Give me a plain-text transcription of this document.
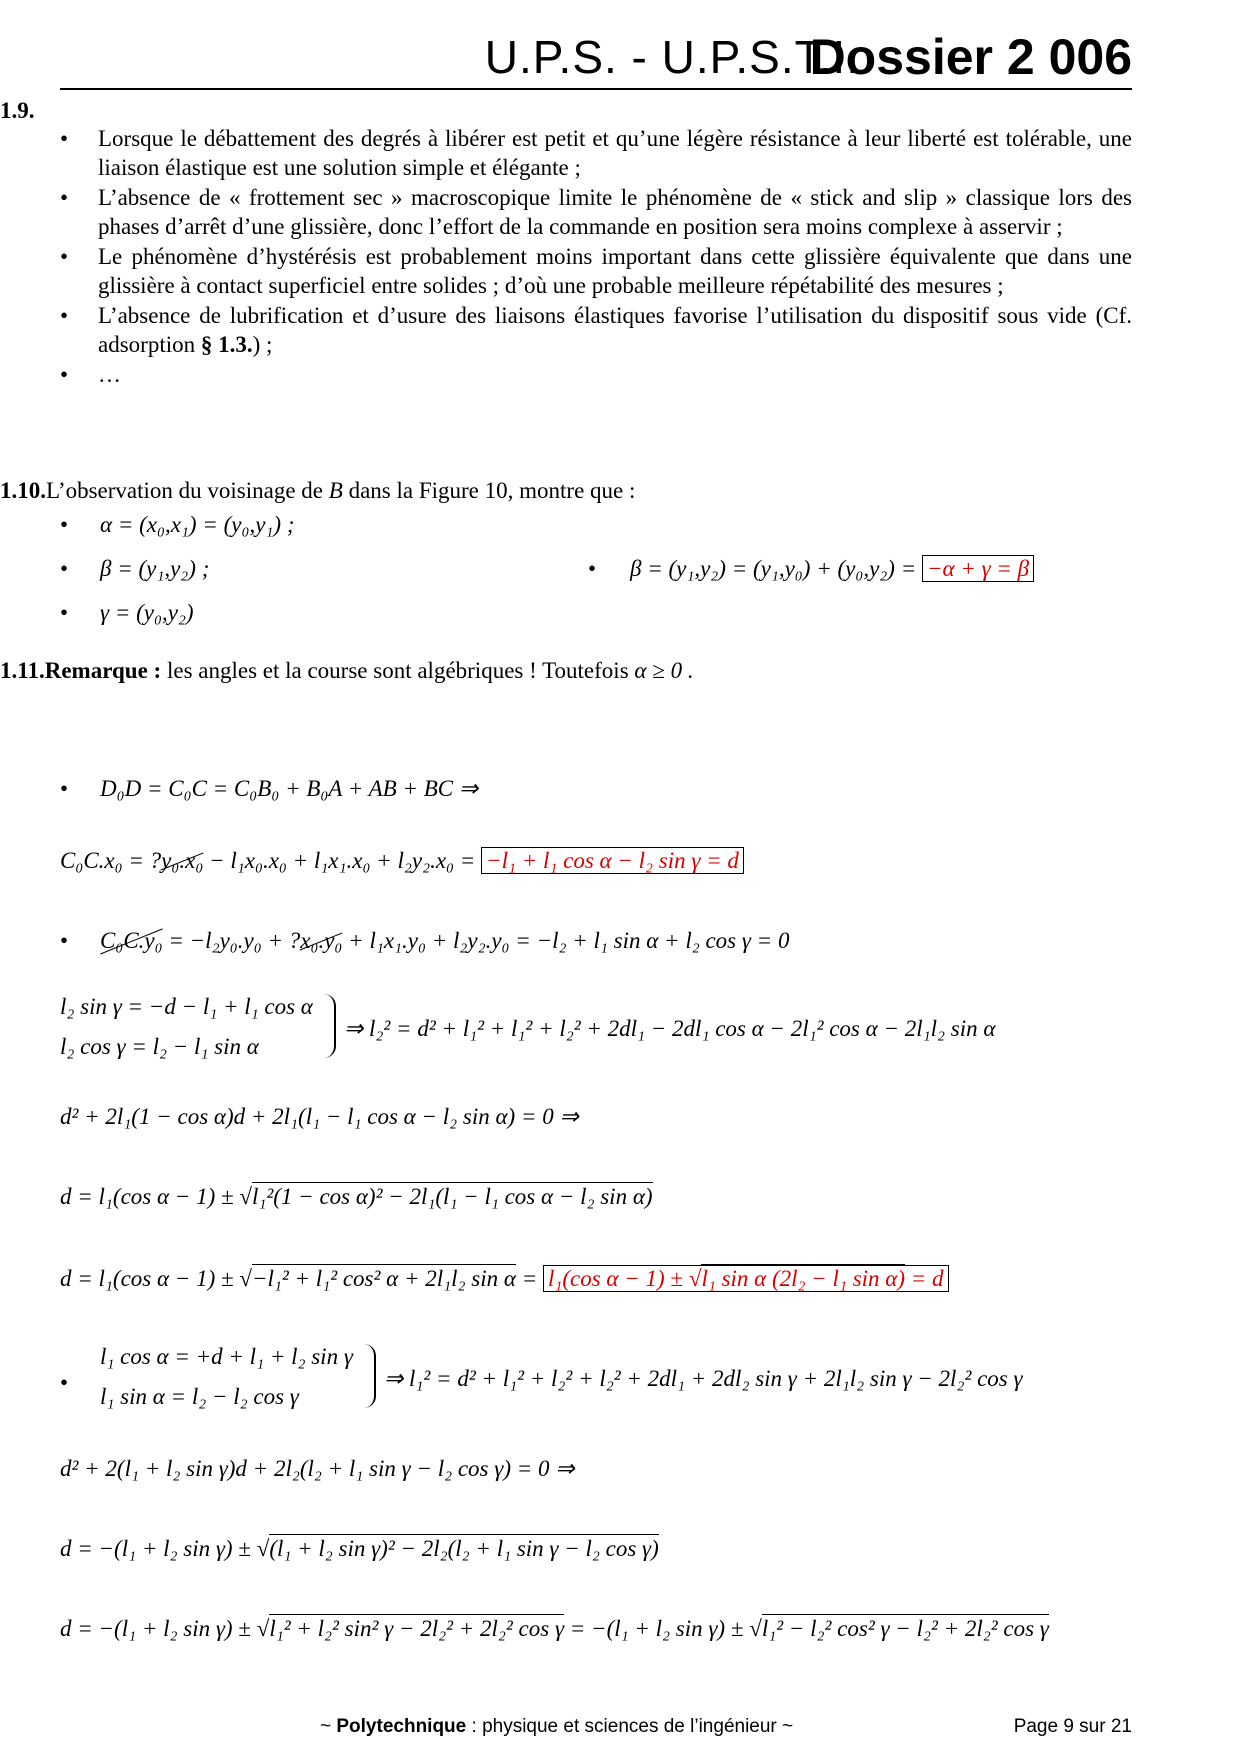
U.P.S. - U.P.S.T.I.
Dossier 2 006
1.9.
• Lorsque le débattement des degrés à libérer est petit et qu’une légère résistance à leur liberté est tolérable, une liaison élastique est une solution simple et élégante ;
• L’absence de « frottement sec » macroscopique limite le phénomène de « stick and slip » classique lors des phases d’arrêt d’une glissière, donc l’effort de la commande en position sera moins complexe à asservir ;
• Le phénomène d’hystérésis est probablement moins important dans cette glissière équivalente que dans une glissière à contact superficiel entre solides ; d’où une probable meilleure répétabilité des mesures ;
• L’absence de lubrification et d’usure des liaisons élastiques favorise l’utilisation du dispositif sous vide (Cf. adsorption § 1.3.) ;
• …
1.10.L’observation du voisinage de B dans la Figure 10, montre que :
• α = (x₀,x₁) = (y₀,y₁) ;
• β = (y₁,y₂) ;
• γ = (y₀,y₂)
• β = (y₁,y₂) = (y₁,y₀) + (y₀,y₂) = −α + γ = β
1.11.Remarque : les angles et la course sont algébriques ! Toutefois α ≥ 0 .
• D₀D = C₀C = C₀B₀ + B₀A + AB + BC ⇒
C₀C.x₀ = ?y₀.x₀ − l₁x₀.x₀ + l₁x₁.x₀ + l₂y₂.x₀ = −l₁ + l₁ cos α − l₂ sin γ = d
• C₀C.y₀ = −l₂y₀.y₀ + ?x₀.y₀ + l₁x₁.y₀ + l₂y₂.y₀ = −l₂ + l₁ sin α + l₂ cos γ = 0
l₂ sin γ = −d − l₁ + l₁ cos α
l₂ cos γ = l₂ − l₁ sin α
⇒ l₂² = d² + l₁² + l₁² + l₂² + 2dl₁ − 2dl₁ cos α − 2l₁² cos α − 2l₁l₂ sin α
d² + 2l₁(1 − cos α)d + 2l₁(l₁ − l₁ cos α − l₂ sin α) = 0 ⇒
d = l₁(cos α − 1) ± √l₁²(1 − cos α)² − 2l₁(l₁ − l₁ cos α − l₂ sin α)
d = l₁(cos α − 1) ± √−l₁² + l₁² cos² α + 2l₁l₂ sin α = l₁(cos α − 1) ± √l₁ sin α (2l₂ − l₁ sin α) = d
•
l₁ cos α = +d + l₁ + l₂ sin γ
l₁ sin α = l₂ − l₂ cos γ
⇒ l₁² = d² + l₁² + l₂² + l₂² + 2dl₁ + 2dl₂ sin γ + 2l₁l₂ sin γ − 2l₂² cos γ
d² + 2(l₁ + l₂ sin γ)d + 2l₂(l₂ + l₁ sin γ − l₂ cos γ) = 0 ⇒
d = −(l₁ + l₂ sin γ) ± √(l₁ + l₂ sin γ)² − 2l₂(l₂ + l₁ sin γ − l₂ cos γ)
d = −(l₁ + l₂ sin γ) ± √l₁² + l₂² sin² γ − 2l₂² + 2l₂² cos γ = −(l₁ + l₂ sin γ) ± √l₁² − l₂² cos² γ − l₂² + 2l₂² cos γ
~ Polytechnique : physique et sciences de l’ingénieur ~	Page 9 sur 21
